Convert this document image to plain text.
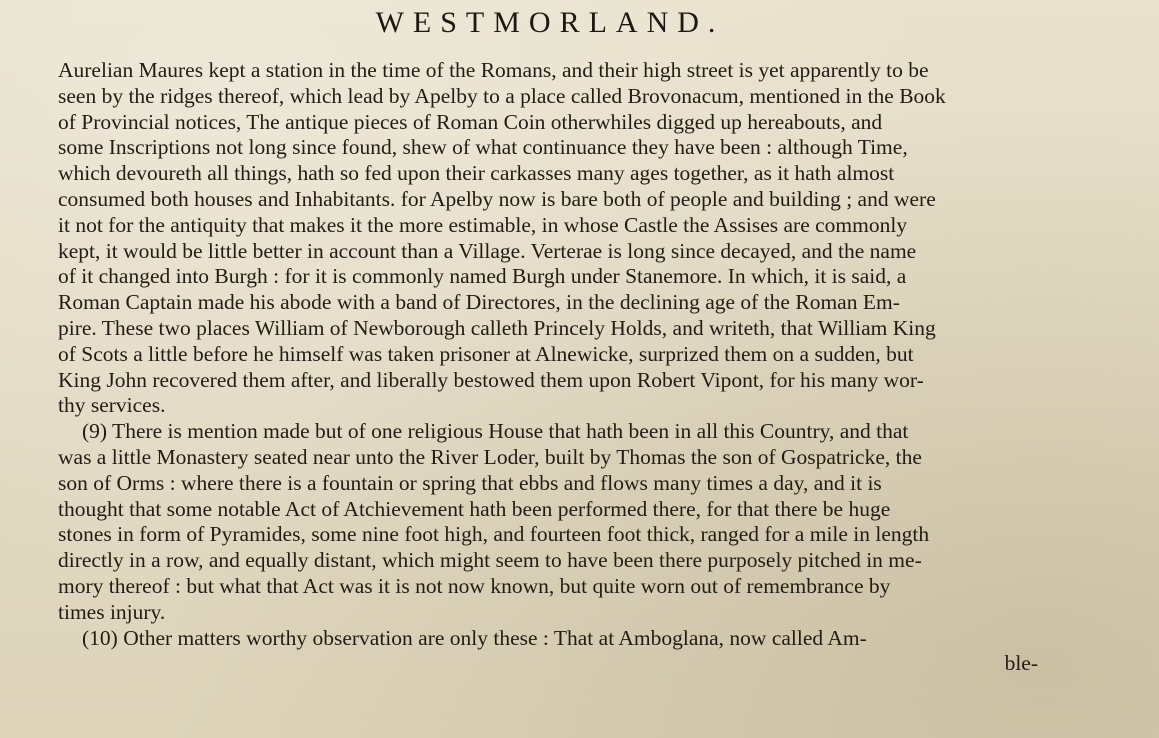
WESTMORLAND.
Aurelian Maures kept a station in the time of the Romans, and their high street is yet apparently to be
seen by the ridges thereof, which lead by Apelby to a place called Brovonacum, mentioned in the Book
of Provincial notices, The antique pieces of Roman Coin otherwhiles digged up hereabouts, and
some Inscriptions not long since found, shew of what continuance they have been : although Time,
which devoureth all things, hath so fed upon their carkasses many ages together, as it hath almost
consumed both houses and Inhabitants. for Apelby now is bare both of people and building ; and were
it not for the antiquity that makes it the more estimable, in whose Castle the Assises are commonly
kept, it would be little better in account than a Village. Verterae is long since decayed, and the name
of it changed into Burgh : for it is commonly named Burgh under Stanemore. In which, it is said, a
Roman Captain made his abode with a band of Directores, in the declining age of the Roman Em-
pire. These two places William of Newborough calleth Princely Holds, and writeth, that William King
of Scots a little before he himself was taken prisoner at Alnewicke, surprized them on a sudden, but
King John recovered them after, and liberally bestowed them upon Robert Vipont, for his many wor-
thy services.
(9) There is mention made but of one religious House that hath been in all this Country, and that
was a little Monastery seated near unto the River Loder, built by Thomas the son of Gospatricke, the
son of Orms : where there is a fountain or spring that ebbs and flows many times a day, and it is
thought that some notable Act of Atchievement hath been performed there, for that there be huge
stones in form of Pyramides, some nine foot high, and fourteen foot thick, ranged for a mile in length
directly in a row, and equally distant, which might seem to have been there purposely pitched in me-
mory thereof : but what that Act was it is not now known, but quite worn out of remembrance by
times injury.
(10) Other matters worthy observation are only these : That at Amboglana, now called Am-
ble-
